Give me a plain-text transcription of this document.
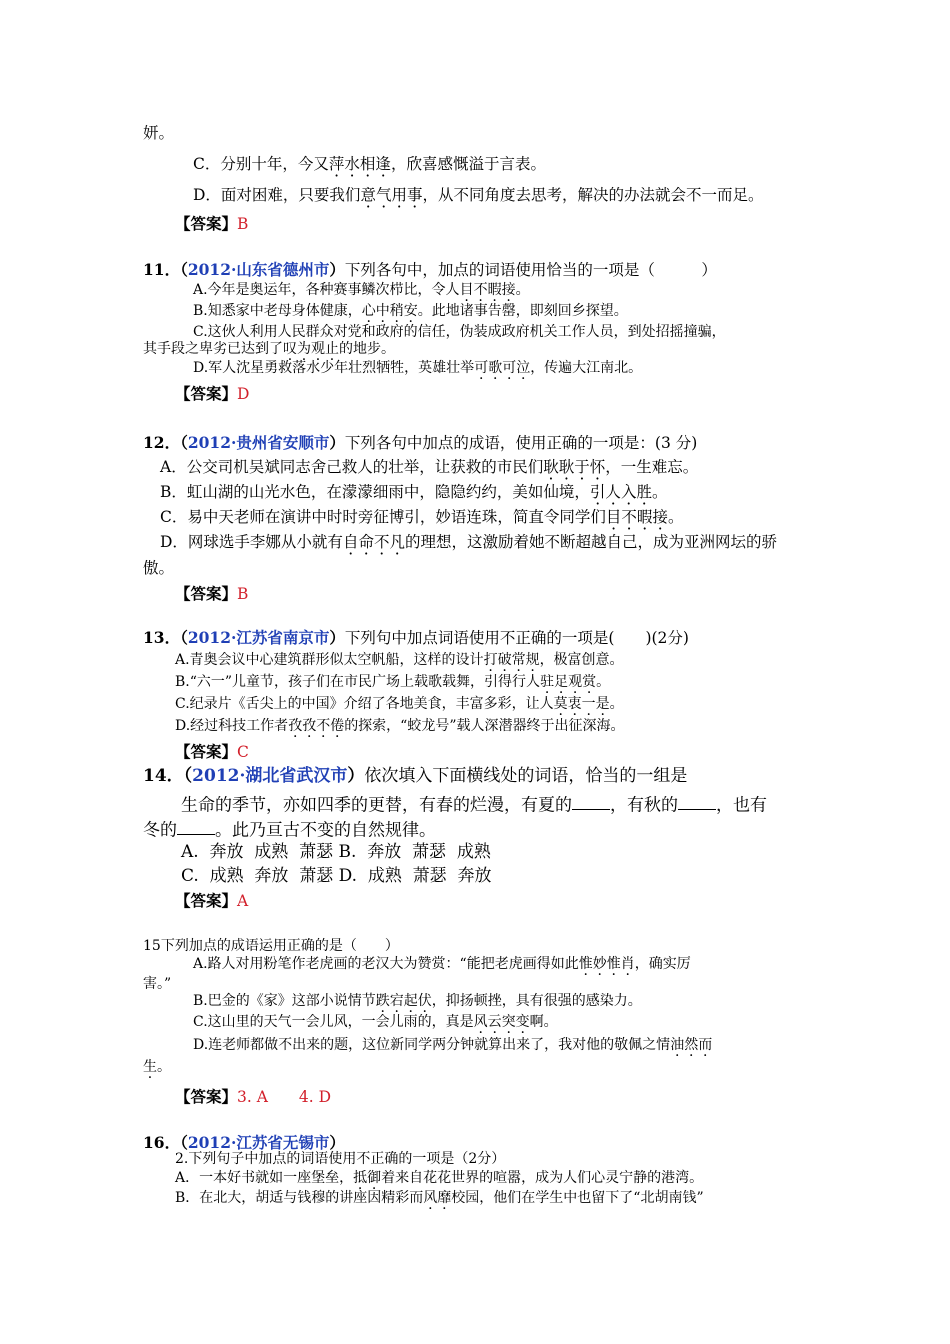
妍。
C．分别十年，今又萍水相逢，欣喜感慨溢于言表。
D．面对困难，只要我们意气用事，从不同角度去思考，解决的办法就会不一而足。
【答案】B
11．（2012·山东省德州市）下列各句中，加点的词语使用恰当的一项是（　　　）
A.今年是奥运年，各种赛事鳞次栉比，令人目不暇接。
B.知悉家中老母身体健康，心中稍安。此地诸事告罄，即刻回乡探望。
C.这伙人利用人民群众对党和政府的信任，伪装成政府机关工作人员，到处招摇撞骗，
其手段之卑劣已达到了叹为观止的地步。
D.军人沈星勇救落水少年壮烈牺牲，英雄壮举可歌可泣，传遍大江南北。
【答案】D
12．（2012·贵州省安顺市）下列各句中加点的成语，使用正确的一项是：(3 分)
A．公交司机吴斌同志舍己救人的壮举，让获救的市民们耿耿于怀，一生难忘。
B．虹山湖的山光水色，在濛濛细雨中，隐隐约约，美如仙境，引人入胜。
C．易中天老师在演讲中时时旁征博引，妙语连珠，简直令同学们目不暇接。
D．网球选手李娜从小就有自命不凡的理想，这激励着她不断超越自己，成为亚洲网坛的骄
傲。
【答案】B
13．（2012·江苏省南京市）下列句中加点词语使用不正确的一项是(　　)(2分)
A.青奥会议中心建筑群形似太空帆船，这样的设计打破常规，极富创意。
B.“六一”儿童节，孩子们在市民广场上载歌载舞，引得行人驻足观赏。
C.纪录片《舌尖上的中国》介绍了各地美食，丰富多彩，让人莫衷一是。
D.经过科技工作者孜孜不倦的探索，“蛟龙号”载人深潜器终于出征深海。
【答案】C
14．（2012·湖北省武汉市）依次填入下面横线处的词语，恰当的一组是
生命的季节，亦如四季的更替，有春的烂漫，有夏的 ，有秋的 ，也有
冬的 。此乃亘古不变的自然规律。
A.  奔放  成熟  萧瑟 B.  奔放  萧瑟  成熟
C.  成熟  奔放  萧瑟 D.  成熟  萧瑟  奔放
【答案】A
15下列加点的成语运用正确的是（　　）
A.路人对用粉笔作老虎画的老汉大为赞赏：“能把老虎画得如此惟妙惟肖，确实厉
害。”
B.巴金的《家》这部小说情节跌宕起伏，抑扬顿挫，具有很强的感染力。
C.这山里的天气一会儿风，一会儿雨的，真是风云突变啊。
D.连老师都做不出来的题，这位新同学两分钟就算出来了，我对他的敬佩之情油然而
生。
【答案】3. A　　4. D
16．（2012·江苏省无锡市）
2.下列句子中加点的词语使用不正确的一项是（2分）
A．一本好书就如一座堡垒，抵御着来自花花世界的喧嚣，成为人们心灵宁静的港湾。
B．在北大，胡适与钱穆的讲座因精彩而风靡校园，他们在学生中也留下了“北胡南钱”
